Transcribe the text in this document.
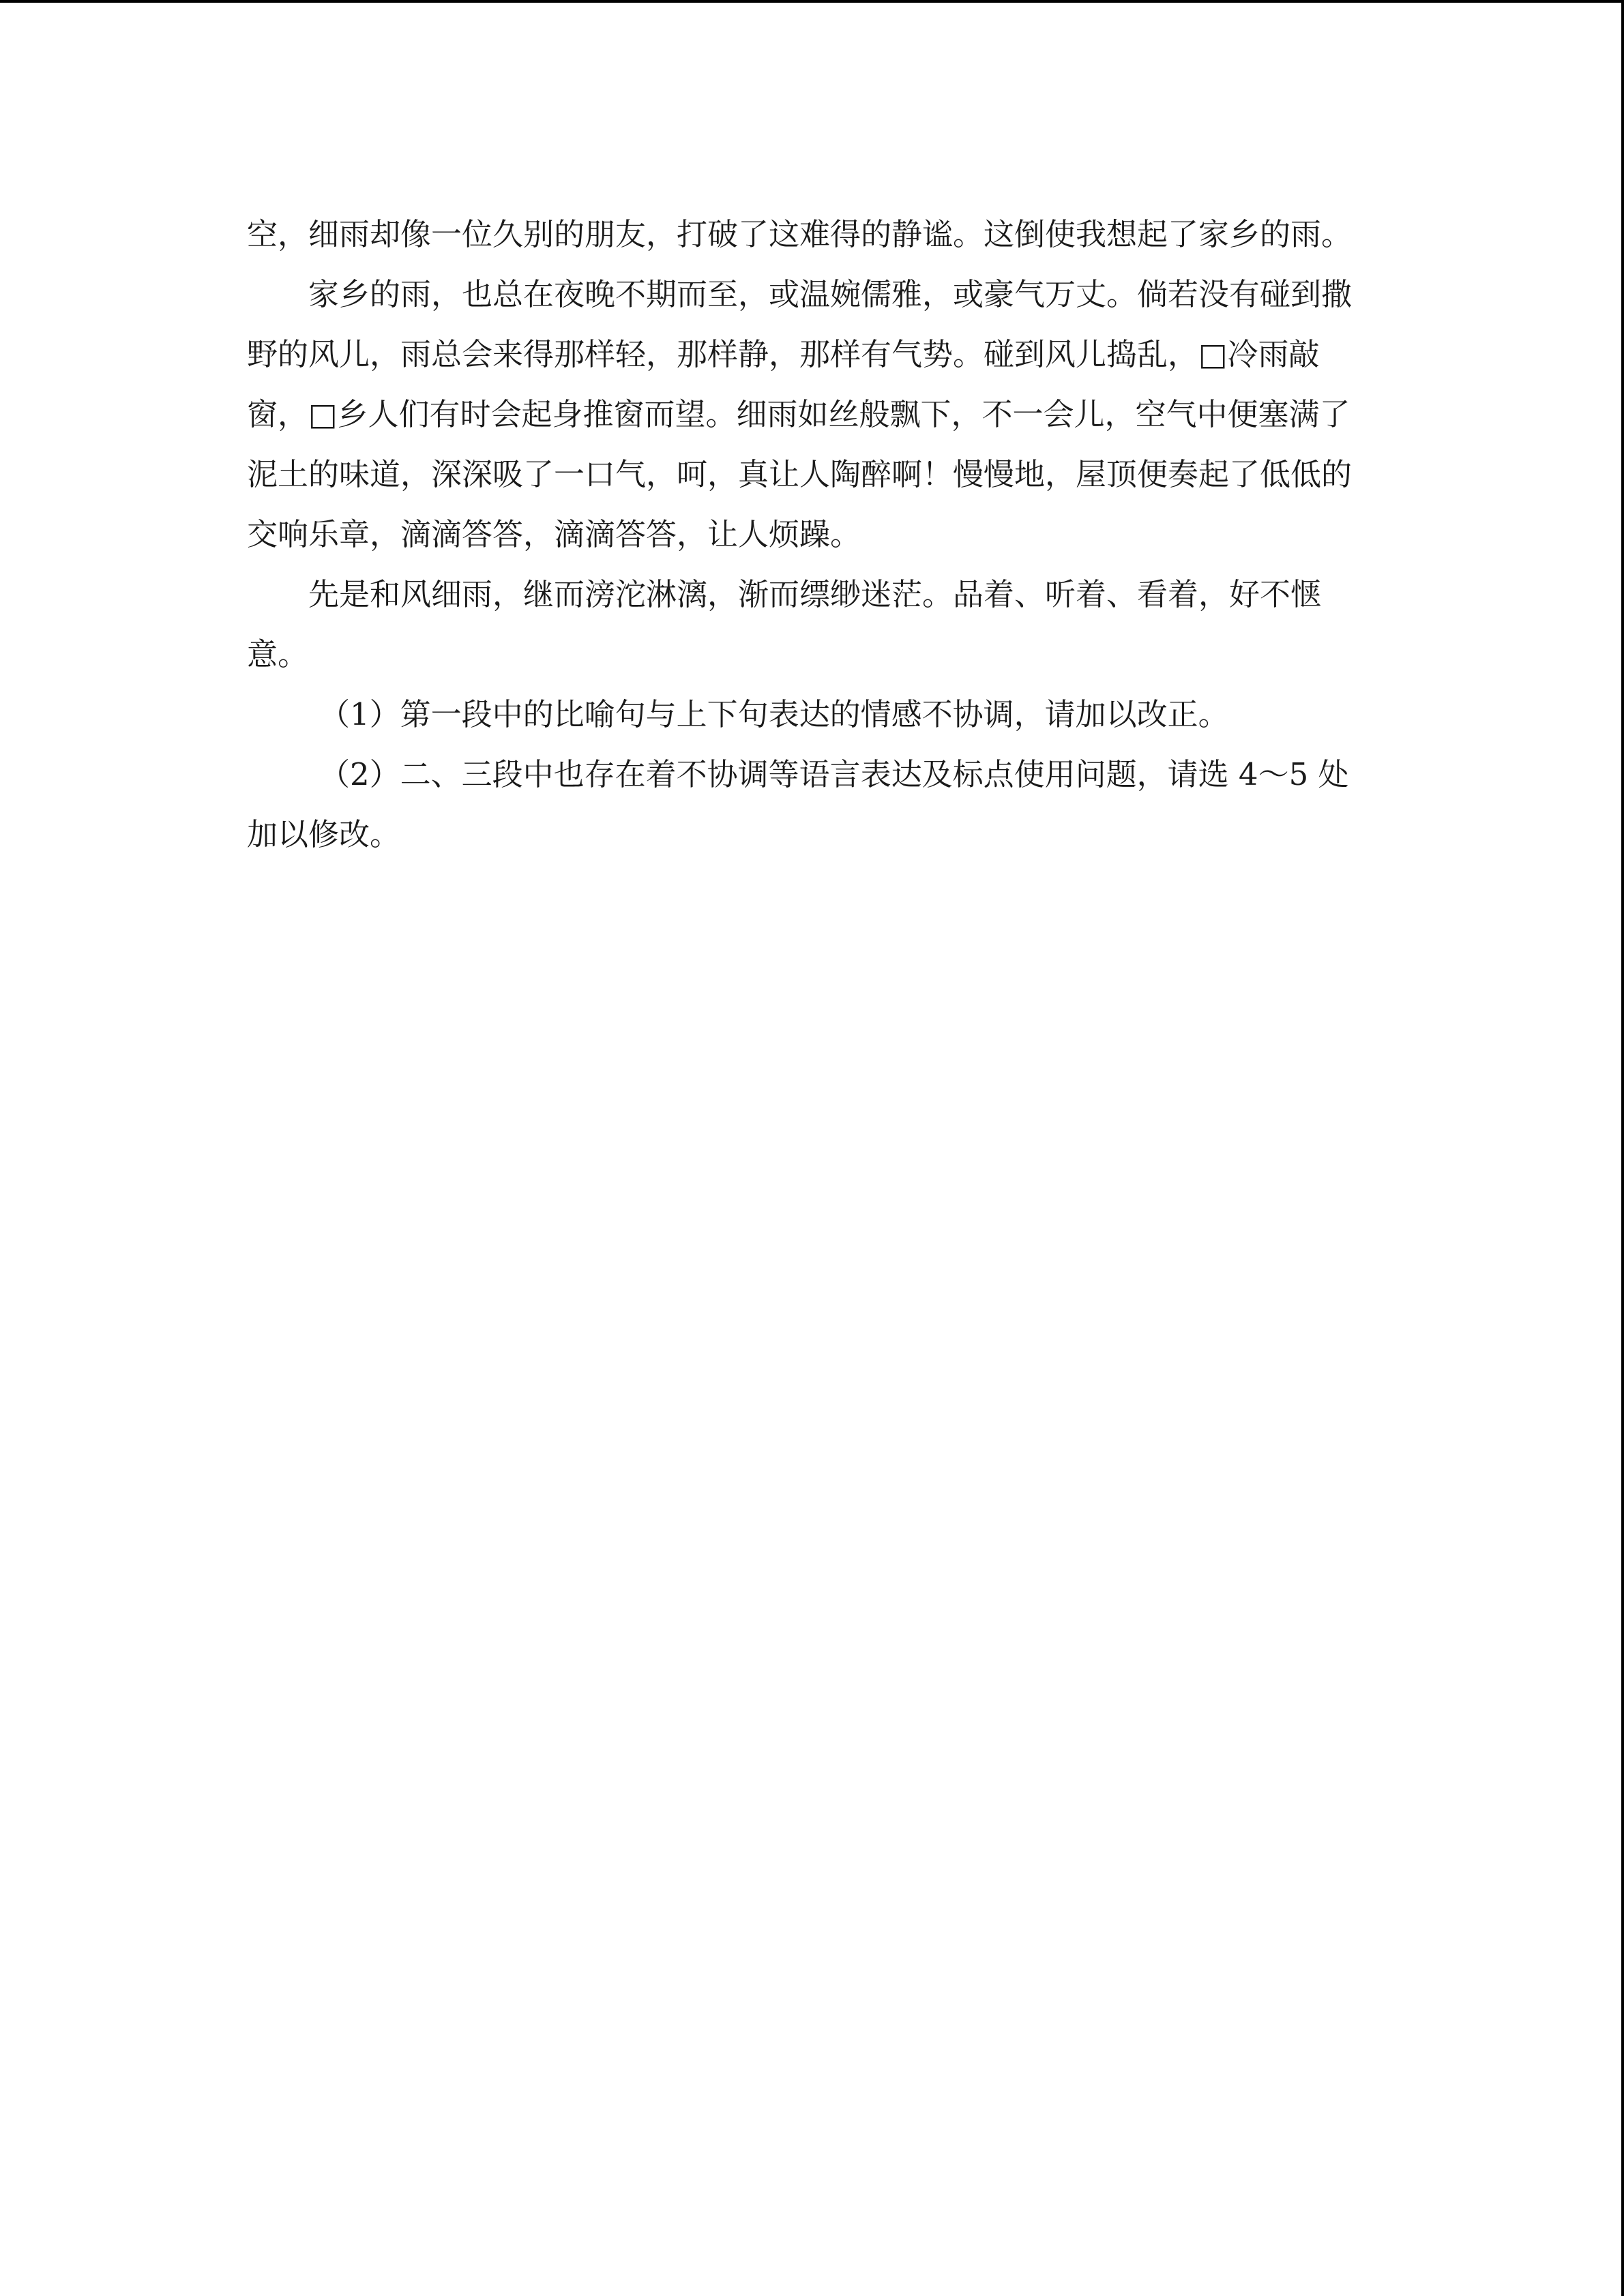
空，细雨却像一位久别的朋友，打破了这难得的静谧。这倒使我想起了家乡的雨。

家乡的雨，也总在夜晚不期而至，或温婉儒雅，或豪气万丈。倘若没有碰到撒野的风儿，雨总会来得那样轻，那样静，那样有气势。碰到风儿捣乱，□冷雨敲窗，□乡人们有时会起身推窗而望。细雨如丝般飘下，不一会儿，空气中便塞满了泥土的味道，深深吸了一口气，呵，真让人陶醉啊！慢慢地，屋顶便奏起了低低的交响乐章，滴滴答答，滴滴答答，让人烦躁。

先是和风细雨，继而滂沱淋漓，渐而缥缈迷茫。品着、听着、看着，好不惬意。

（1）第一段中的比喻句与上下句表达的情感不协调，请加以改正。

（2）二、三段中也存在着不协调等语言表达及标点使用问题，请选 4～5 处加以修改。
